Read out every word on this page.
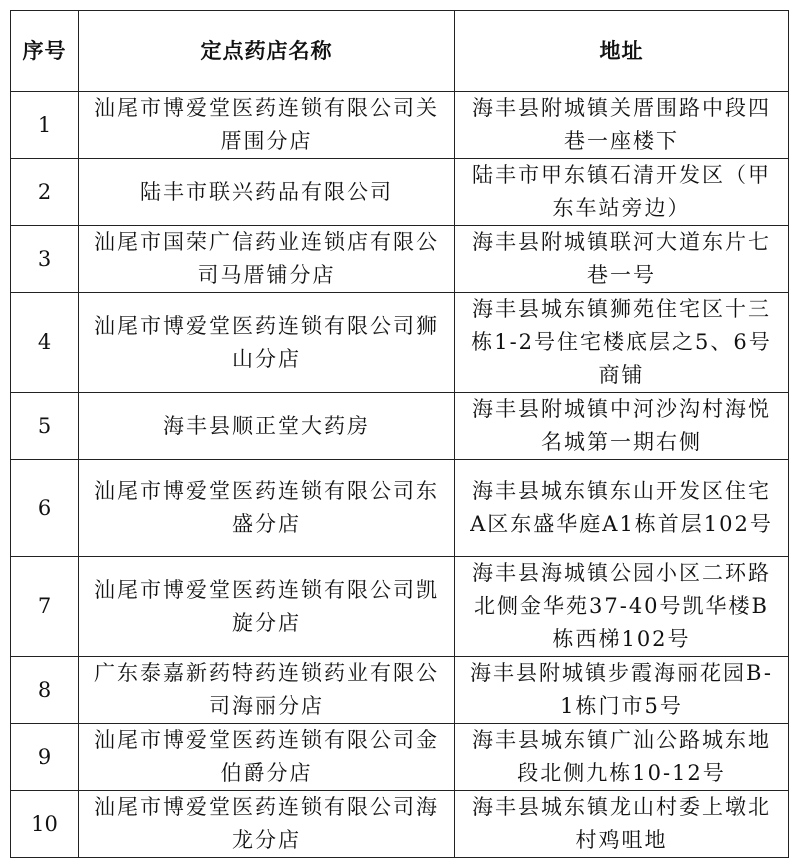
序号	定点药店名称	地址
1	汕尾市博爱堂医药连锁有限公司关厝围分店	海丰县附城镇关厝围路中段四巷一座楼下
2	陆丰市联兴药品有限公司	陆丰市甲东镇石清开发区（甲东车站旁边）
3	汕尾市国荣广信药业连锁店有限公司马厝铺分店	海丰县附城镇联河大道东片七巷一号
4	汕尾市博爱堂医药连锁有限公司狮山分店	海丰县城东镇狮苑住宅区十三栋1-2号住宅楼底层之5、6号商铺
5	海丰县顺正堂大药房	海丰县附城镇中河沙沟村海悦名城第一期右侧
6	汕尾市博爱堂医药连锁有限公司东盛分店	海丰县城东镇东山开发区住宅A区东盛华庭A1栋首层102号
7	汕尾市博爱堂医药连锁有限公司凯旋分店	海丰县海城镇公园小区二环路北侧金华苑37-40号凯华楼B栋西梯102号
8	广东泰嘉新药特药连锁药业有限公司海丽分店	海丰县附城镇步霞海丽花园B-1栋门市5号
9	汕尾市博爱堂医药连锁有限公司金伯爵分店	海丰县城东镇广汕公路城东地段北侧九栋10-12号
10	汕尾市博爱堂医药连锁有限公司海龙分店	海丰县城东镇龙山村委上墩北村鸡咀地
